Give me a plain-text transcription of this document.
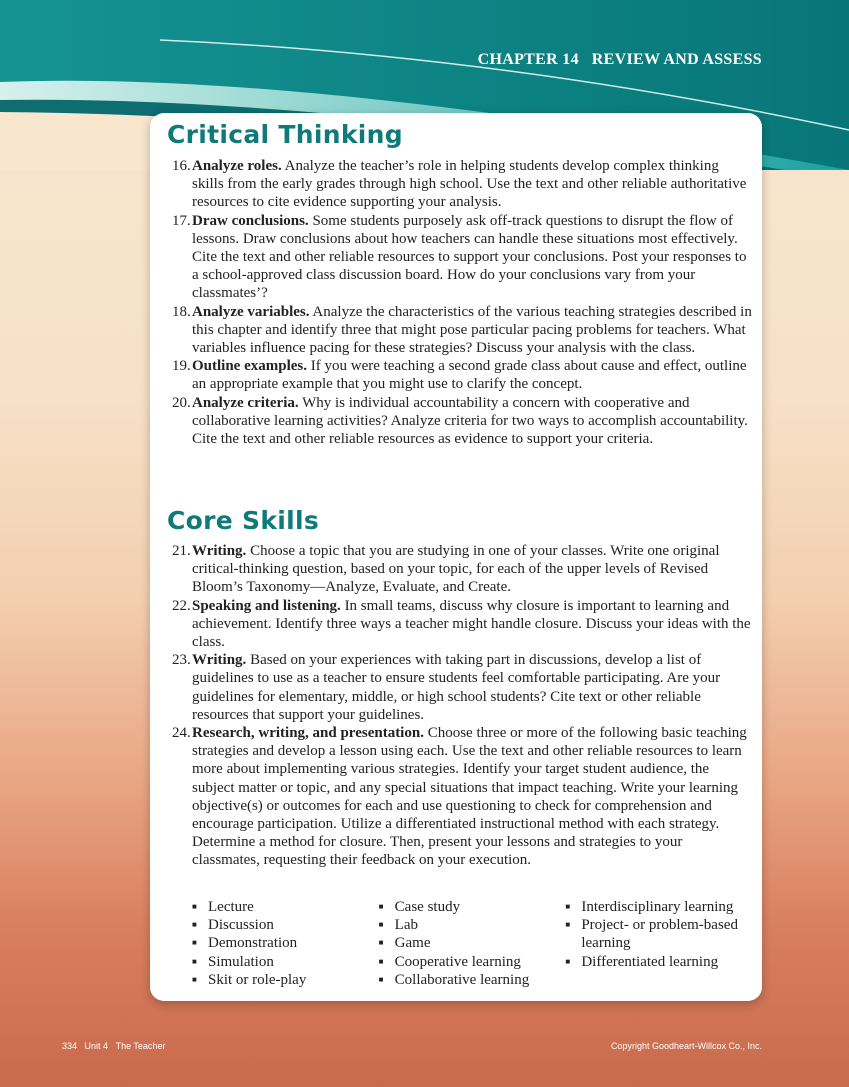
CHAPTER 14   REVIEW AND ASSESS
Critical Thinking
16. Analyze roles. Analyze the teacher’s role in helping students develop complex thinking skills from the early grades through high school. Use the text and other reliable authoritative resources to cite evidence supporting your analysis.
17. Draw conclusions. Some students purposely ask off-track questions to disrupt the flow of lessons. Draw conclusions about how teachers can handle these situations most effectively. Cite the text and other reliable resources to support your conclusions. Post your responses to a school-approved class discussion board. How do your conclusions vary from your classmates’?
18. Analyze variables. Analyze the characteristics of the various teaching strategies described in this chapter and identify three that might pose particular pacing problems for teachers. What variables influence pacing for these strategies? Discuss your analysis with the class.
19. Outline examples. If you were teaching a second grade class about cause and effect, outline an appropriate example that you might use to clarify the concept.
20. Analyze criteria. Why is individual accountability a concern with cooperative and collaborative learning activities? Analyze criteria for two ways to accomplish accountability. Cite the text and other reliable resources as evidence to support your criteria.
Core Skills
21. Writing. Choose a topic that you are studying in one of your classes. Write one original critical-thinking question, based on your topic, for each of the upper levels of Revised Bloom’s Taxonomy—Analyze, Evaluate, and Create.
22. Speaking and listening. In small teams, discuss why closure is important to learning and achievement. Identify three ways a teacher might handle closure. Discuss your ideas with the class.
23. Writing. Based on your experiences with taking part in discussions, develop a list of guidelines to use as a teacher to ensure students feel comfortable participating. Are your guidelines for elementary, middle, or high school students? Cite text or other reliable resources that support your guidelines.
24. Research, writing, and presentation. Choose three or more of the following basic teaching strategies and develop a lesson using each. Use the text and other reliable resources to learn more about implementing various strategies. Identify your target student audience, the subject matter or topic, and any special situations that impact teaching. Write your learning objective(s) or outcomes for each and use questioning to check for comprehension and encourage participation. Utilize a differentiated instructional method with each strategy. Determine a method for closure. Then, present your lessons and strategies to your classmates, requesting their feedback on your execution.
■ Lecture
■ Discussion
■ Demonstration
■ Simulation
■ Skit or role-play
■ Case study
■ Lab
■ Game
■ Cooperative learning
■ Collaborative learning
■ Interdisciplinary learning
■ Project- or problem-based learning
■ Differentiated learning
334 Unit 4 The Teacher	Copyright Goodheart-Willcox Co., Inc.
